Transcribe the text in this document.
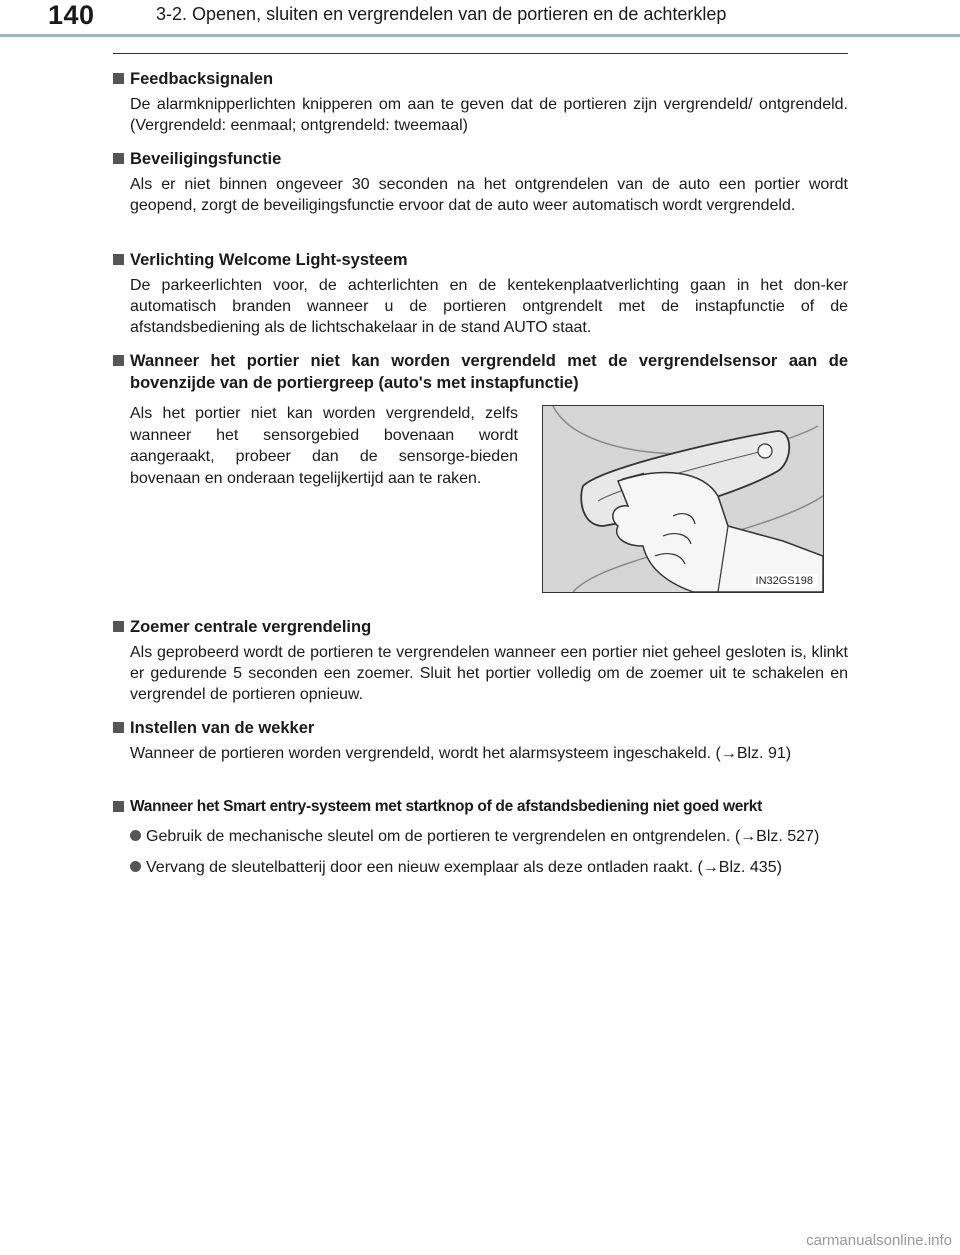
140	3-2. Openen, sluiten en vergrendelen van de portieren en de achterklep
Feedbacksignalen
De alarmknipperlichten knipperen om aan te geven dat de portieren zijn vergrendeld/ ontgrendeld. (Vergrendeld: eenmaal; ontgrendeld: tweemaal)
Beveiligingsfunctie
Als er niet binnen ongeveer 30 seconden na het ontgrendelen van de auto een portier wordt geopend, zorgt de beveiligingsfunctie ervoor dat de auto weer automatisch wordt vergrendeld.
Verlichting Welcome Light-systeem
De parkeerlichten voor, de achterlichten en de kentekenplaatverlichting gaan in het don-ker automatisch branden wanneer u de portieren ontgrendelt met de instapfunctie of de afstandsbediening als de lichtschakelaar in de stand AUTO staat.
Wanneer het portier niet kan worden vergrendeld met de vergrendelsensor aan de bovenzijde van de portiergreep (auto's met instapfunctie)
Als het portier niet kan worden vergrendeld, zelfs wanneer het sensorgebied bovenaan wordt aangeraakt, probeer dan de sensorge-bieden bovenaan en onderaan tegelijkertijd aan te raken.
IN32GS198
Zoemer centrale vergrendeling
Als geprobeerd wordt de portieren te vergrendelen wanneer een portier niet geheel gesloten is, klinkt er gedurende 5 seconden een zoemer. Sluit het portier volledig om de zoemer uit te schakelen en vergrendel de portieren opnieuw.
Instellen van de wekker
Wanneer de portieren worden vergrendeld, wordt het alarmsysteem ingeschakeld. (→Blz. 91)
Wanneer het Smart entry-systeem met startknop of de afstandsbediening niet goed werkt
Gebruik de mechanische sleutel om de portieren te vergrendelen en ontgrendelen. (→Blz. 527)
Vervang de sleutelbatterij door een nieuw exemplaar als deze ontladen raakt. (→Blz. 435)
carmanualsonline.info
